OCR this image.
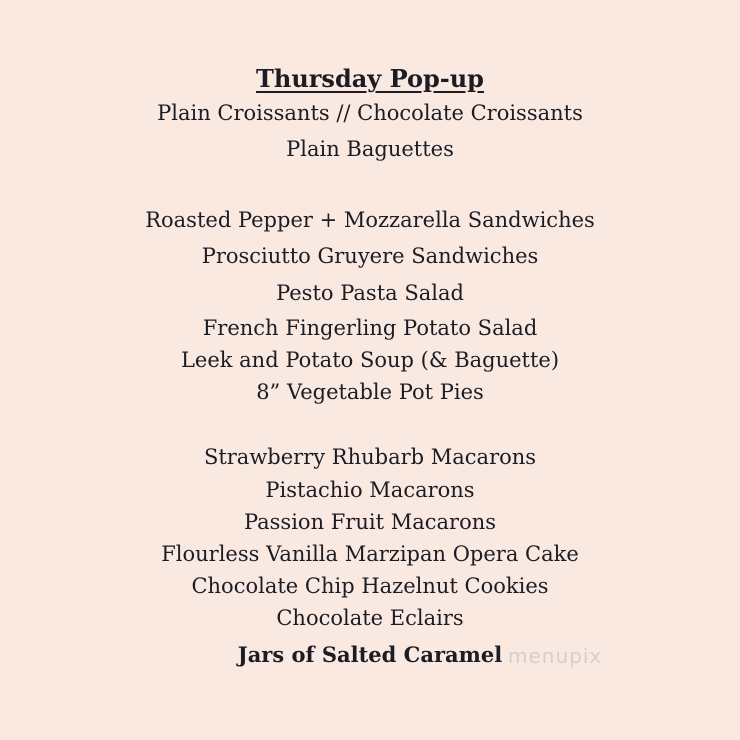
Thursday Pop-up
Plain Croissants // Chocolate Croissants
Plain Baguettes
Roasted Pepper + Mozzarella Sandwiches
Prosciutto Gruyere Sandwiches
Pesto Pasta Salad
French Fingerling Potato Salad
Leek and Potato Soup (& Baguette)
8” Vegetable Pot Pies
Strawberry Rhubarb Macarons
Pistachio Macarons
Passion Fruit Macarons
Flourless Vanilla Marzipan Opera Cake
Chocolate Chip Hazelnut Cookies
Chocolate Eclairs
Jars of Salted Caramel menupix
